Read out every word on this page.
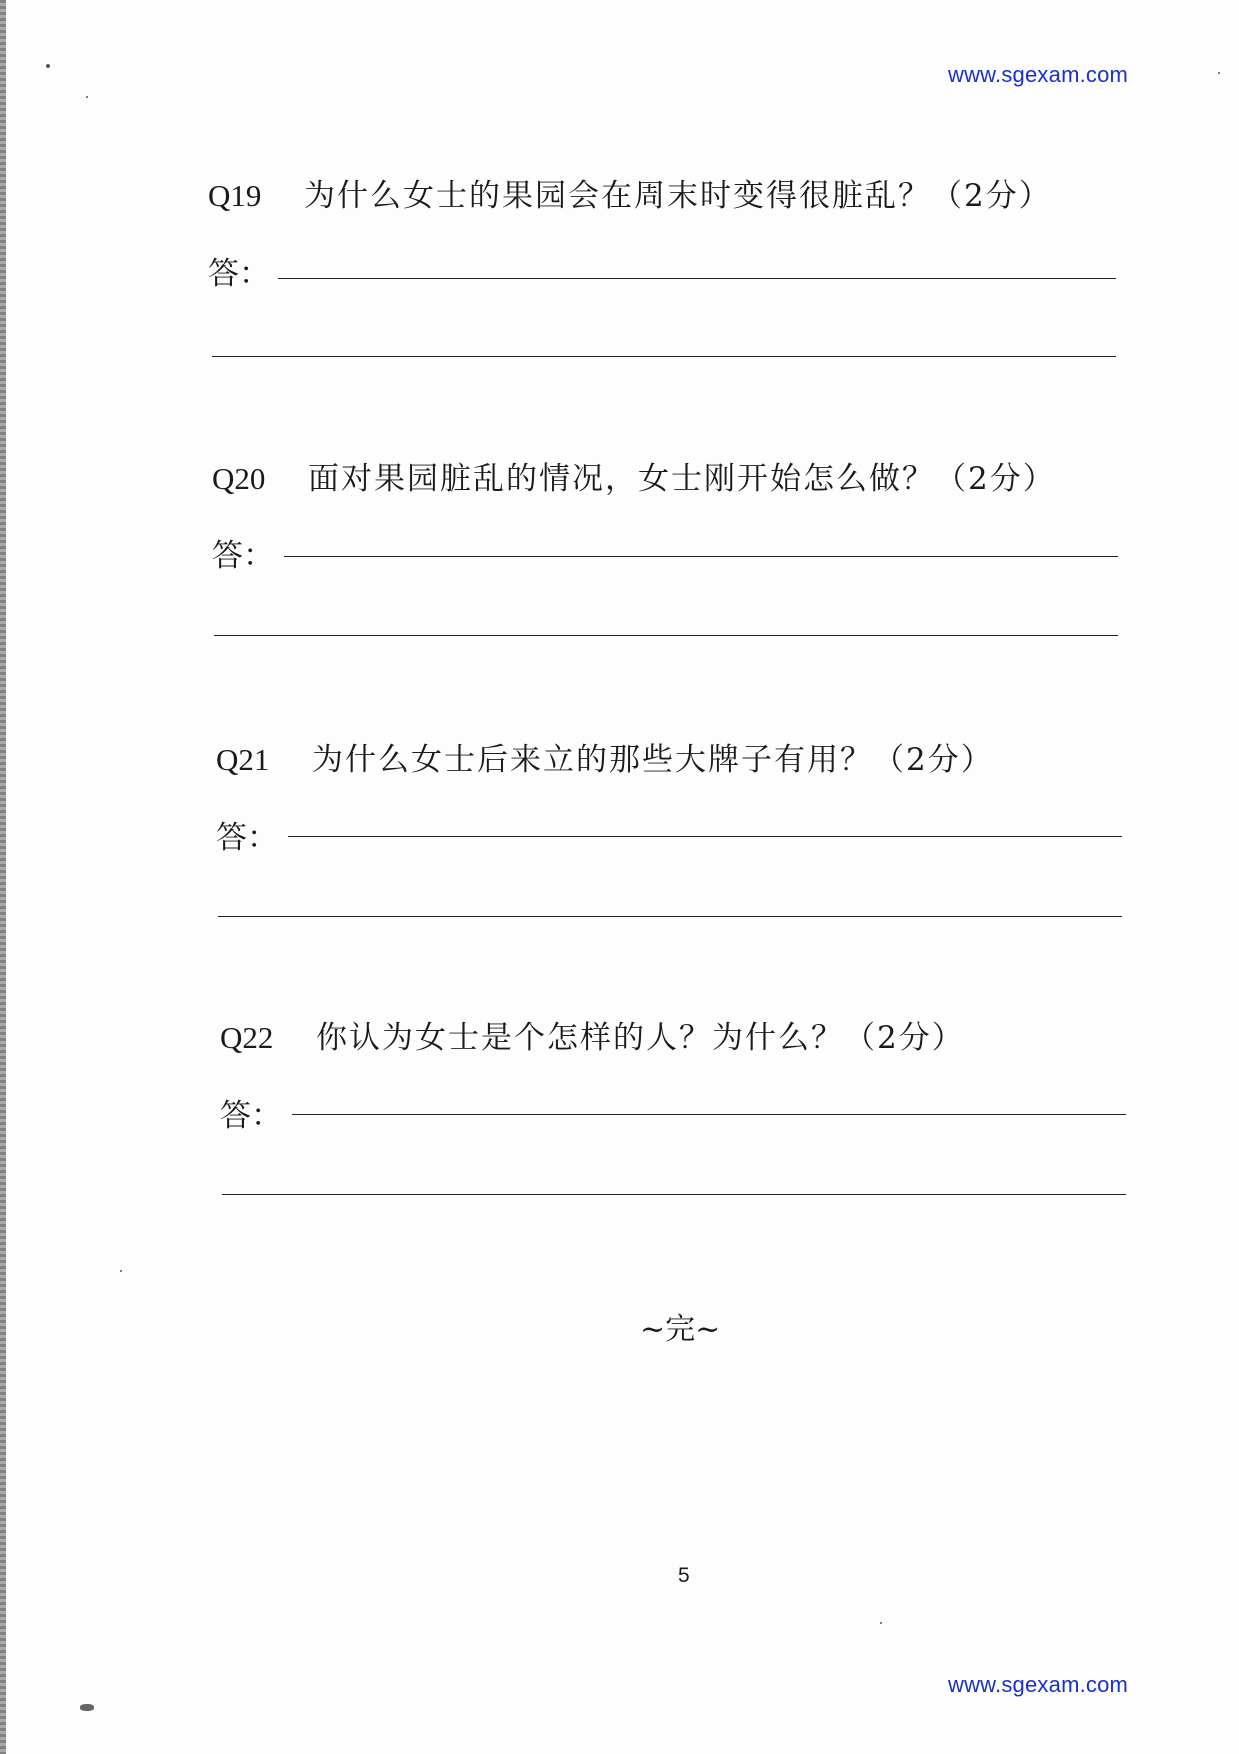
www.sgexam.com
Q19 为什么女士的果园会在周末时变得很脏乱？（2分）
答：
Q20 面对果园脏乱的情况，女士刚开始怎么做？（2分）
答：
Q21 为什么女士后来立的那些大牌子有用？（2分）
答：
Q22 你认为女士是个怎样的人？为什么？（2分）
答：
~完~
5
www.sgexam.com
